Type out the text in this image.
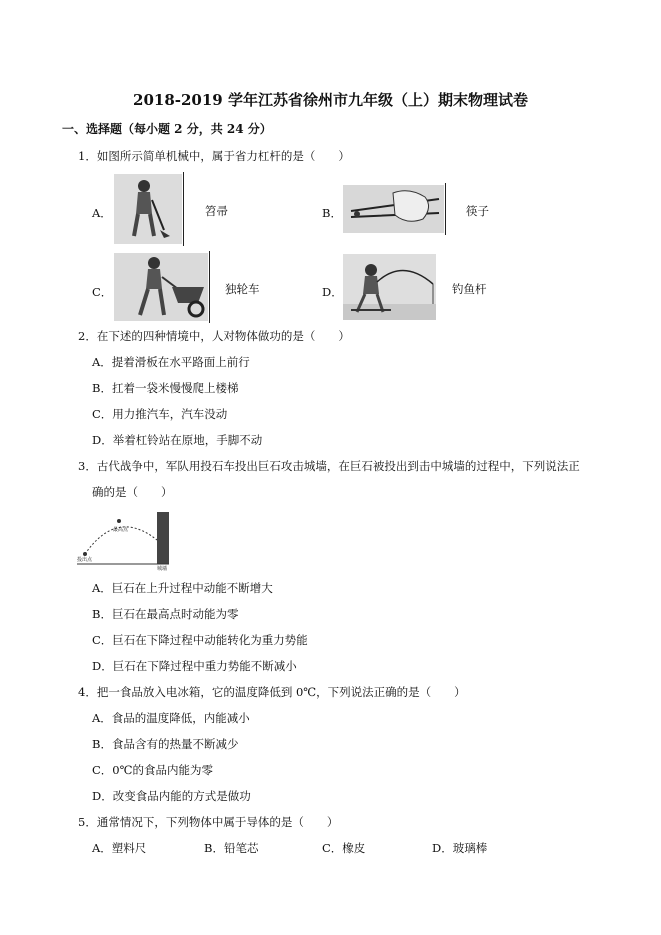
2018-2019 学年江苏省徐州市九年级（上）期末物理试卷
一、选择题（每小题 2 分，共 24 分）
1．如图所示简单机械中，属于省力杠杆的是（　　）
A．	笤帚	B．	筷子
C．	独轮车	D．	钓鱼杆
2．在下述的四种情境中，人对物体做功的是（　　）
A．提着滑板在水平路面上前行
B．扛着一袋米慢慢爬上楼梯
C．用力推汽车，汽车没动
D．举着杠铃站在原地，手脚不动
3．古代战争中，军队用投石车投出巨石攻击城墙，在巨石被投出到击中城墙的过程中，下列说法正
确的是（　　）
最高点
投出点
城墙
A．巨石在上升过程中动能不断增大
B．巨石在最高点时动能为零
C．巨石在下降过程中动能转化为重力势能
D．巨石在下降过程中重力势能不断减小
4．把一食品放入电冰箱，它的温度降低到 0℃，下列说法正确的是（　　）
A．食品的温度降低，内能减小
B．食品含有的热量不断减少
C．0℃的食品内能为零
D．改变食品内能的方式是做功
5．通常情况下，下列物体中属于导体的是（　　）
A．塑料尺	B．铅笔芯	C．橡皮	D．玻璃棒
